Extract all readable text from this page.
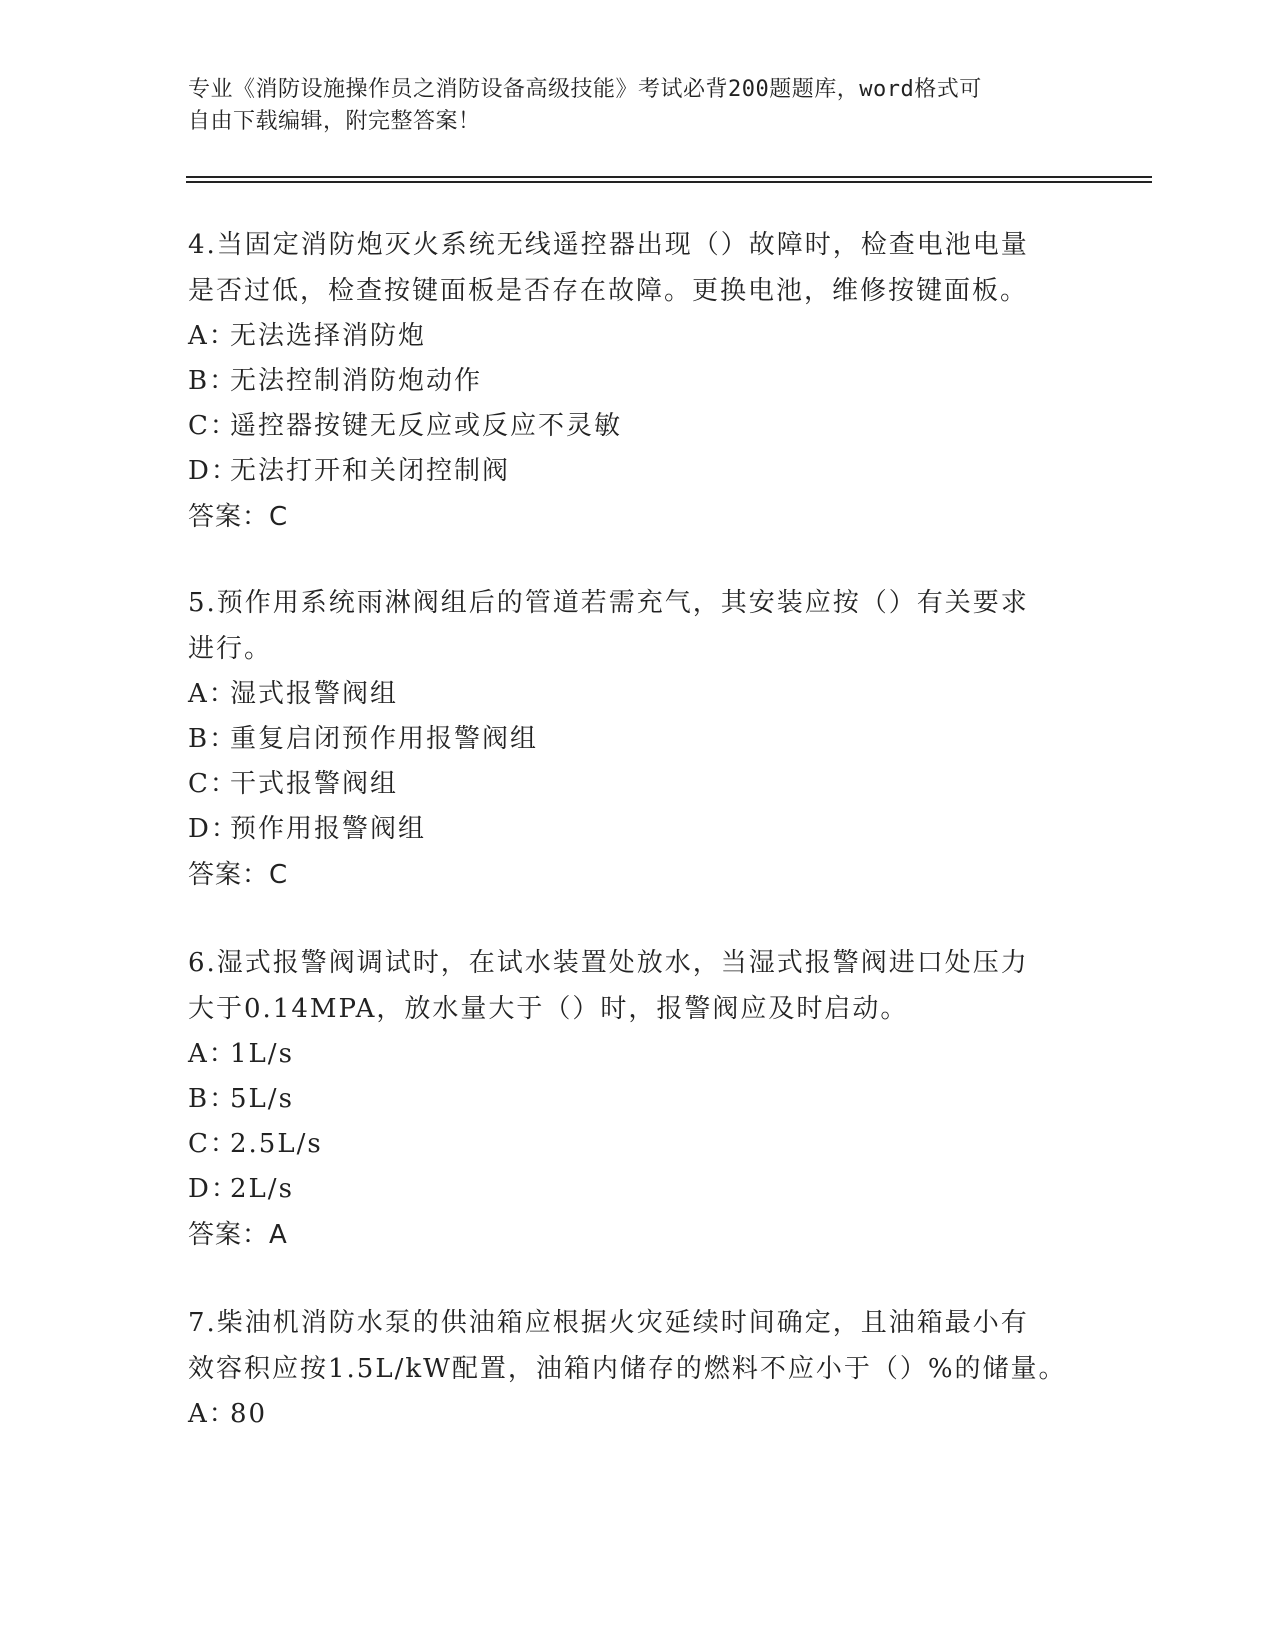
专业《消防设施操作员之消防设备高级技能》考试必背200题题库，word格式可
自由下载编辑，附完整答案！
4.当固定消防炮灭火系统无线遥控器出现（）故障时，检查电池电量
是否过低，检查按键面板是否存在故障。更换电池，维修按键面板。
A：无法选择消防炮
B：无法控制消防炮动作
C：遥控器按键无反应或反应不灵敏
D：无法打开和关闭控制阀
答案：C
5.预作用系统雨淋阀组后的管道若需充气，其安装应按（）有关要求
进行。
A：湿式报警阀组
B：重复启闭预作用报警阀组
C：干式报警阀组
D：预作用报警阀组
答案：C
6.湿式报警阀调试时，在试水装置处放水，当湿式报警阀进口处压力
大于0.14MPA，放水量大于（）时，报警阀应及时启动。
A：1L/s
B：5L/s
C：2.5L/s
D：2L/s
答案：A
7.柴油机消防水泵的供油箱应根据火灾延续时间确定，且油箱最小有
效容积应按1.5L/kW配置，油箱内储存的燃料不应小于（）%的储量。
A：80
